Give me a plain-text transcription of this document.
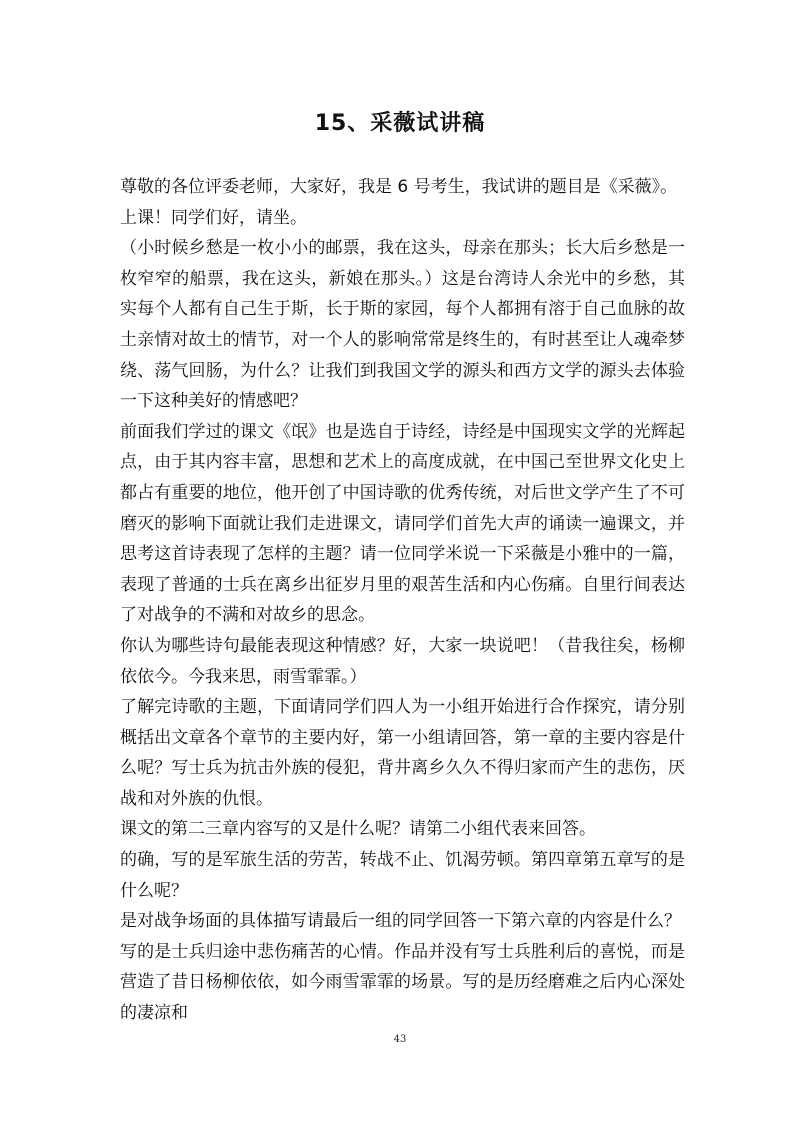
15、采薇试讲稿

尊敬的各位评委老师，大家好，我是 6 号考生，我试讲的题目是《采薇》。

上课！同学们好，请坐。

（小时候乡愁是一枚小小的邮票，我在这头，母亲在那头；长大后乡愁是一枚窄窄的船票，我在这头，新娘在那头。）这是台湾诗人余光中的乡愁，其实每个人都有自己生于斯，长于斯的家园，每个人都拥有溶于自己血脉的故土亲情对故土的情节，对一个人的影响常常是终生的，有时甚至让人魂牵梦绕、荡气回肠，为什么？让我们到我国文学的源头和西方文学的源头去体验一下这种美好的情感吧？

前面我们学过的课文《氓》也是选自于诗经，诗经是中国现实文学的光辉起点，由于其内容丰富，思想和艺术上的高度成就，在中国己至世界文化史上都占有重要的地位，他开创了中国诗歌的优秀传统，对后世文学产生了不可磨灭的影响下面就让我们走进课文，请同学们首先大声的诵读一遍课文，并思考这首诗表现了怎样的主题？请一位同学米说一下采薇是小雅中的一篇，表现了普通的士兵在离乡出征岁月里的艰苦生活和内心伤痛。自里行间表达了对战争的不满和对故乡的思念。

你认为哪些诗句最能表现这种情感？好，大家一块说吧！（昔我往矣，杨柳依依今。今我来思，雨雪霏霏。）

了解完诗歌的主题，下面请同学们四人为一小组开始进行合作探究，请分别概括出文章各个章节的主要内好，第一小组请回答，第一章的主要内容是什么呢？写士兵为抗击外族的侵犯，背井离乡久久不得归家而产生的悲伤，厌战和对外族的仇恨。

课文的第二三章内容写的又是什么呢？请第二小组代表来回答。

的确，写的是军旅生活的劳苦，转战不止、饥渴劳顿。第四章第五章写的是什么呢？

是对战争场面的具体描写请最后一组的同学回答一下第六章的内容是什么？

写的是士兵归途中悲伤痛苦的心情。作品并没有写士兵胜利后的喜悦，而是营造了昔日杨柳依依，如今雨雪霏霏的场景。写的是历经磨难之后内心深处的凄凉和

43
